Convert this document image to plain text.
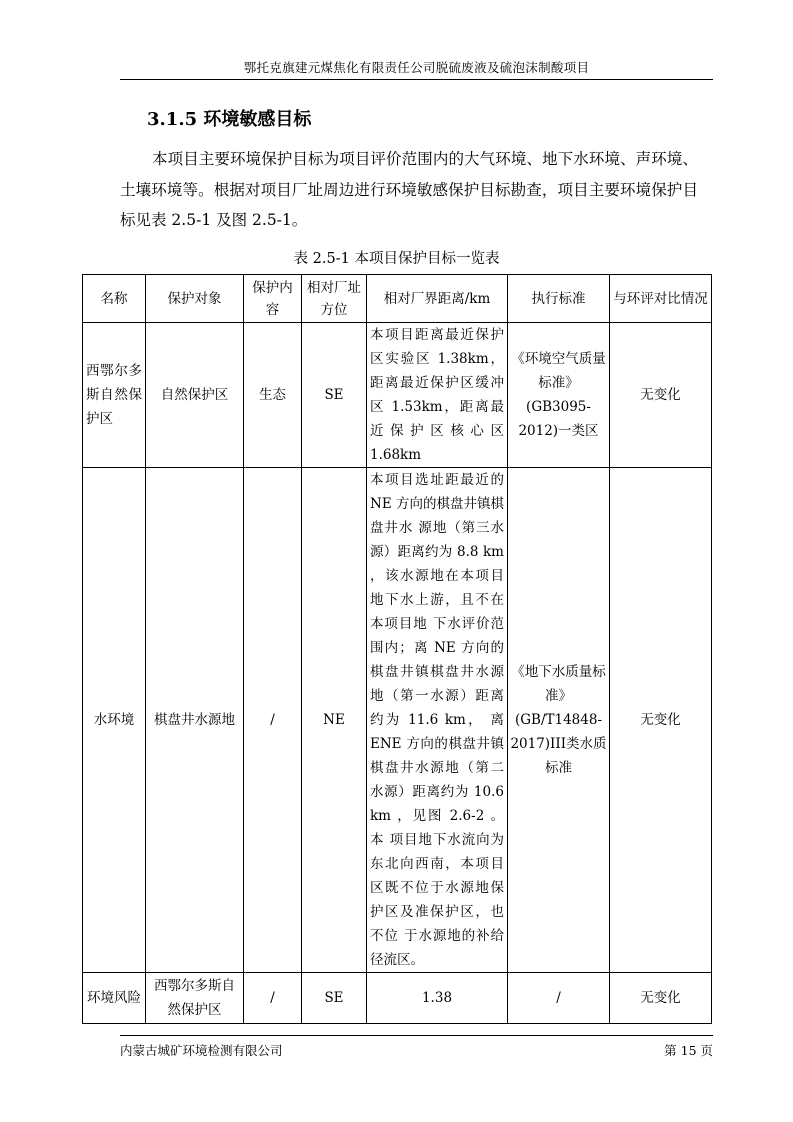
鄂托克旗建元煤焦化有限责任公司脱硫废液及硫泡沫制酸项目
3.1.5 环境敏感目标

本项目主要环境保护目标为项目评价范围内的大气环境、地下水环境、声环境、土壤环境等。根据对项目厂址周边进行环境敏感保护目标勘查，项目主要环境保护目标见表 2.5-1 及图 2.5-1。

表 2.5-1 本项目保护目标一览表
名称	保护对象	保护内容	相对厂址方位	相对厂界距离/km	执行标准	与环评对比情况
西鄂尔多斯自然保护区	自然保护区	生态	SE	本项目距离最近保护区实验区 1.38km，距离最近保护区缓冲区 1.53km，距离最近保护区核心区 1.68km	《环境空气质量标准》(GB3095-2012)一类区	无变化
水环境	棋盘井水源地	/	NE	本项目选址距最近的 NE 方向的棋盘井镇棋盘井水 源地（第三水源）距离约为 8.8 km ，该水源地在本项目地下水上游，且不在本项目地 下水评价范围内；离 NE 方向的棋盘井镇棋盘井水源地（第一水源）距离约为 11.6 km， 离 ENE 方向的棋盘井镇棋盘井水源地（第二水源）距离约为 10.6 km ，见图 2.6-2 。本 项目地下水流向为东北向西南，本项目区既不位于水源地保护区及准保护区，也不位 于水源地的补给径流区。	《地下水质量标准》(GB/T14848-2017)III类水质标准	无变化
环境风险	西鄂尔多斯自然保护区	/	SE	1.38	/	无变化
内蒙古城矿环境检测有限公司	第 15 页
